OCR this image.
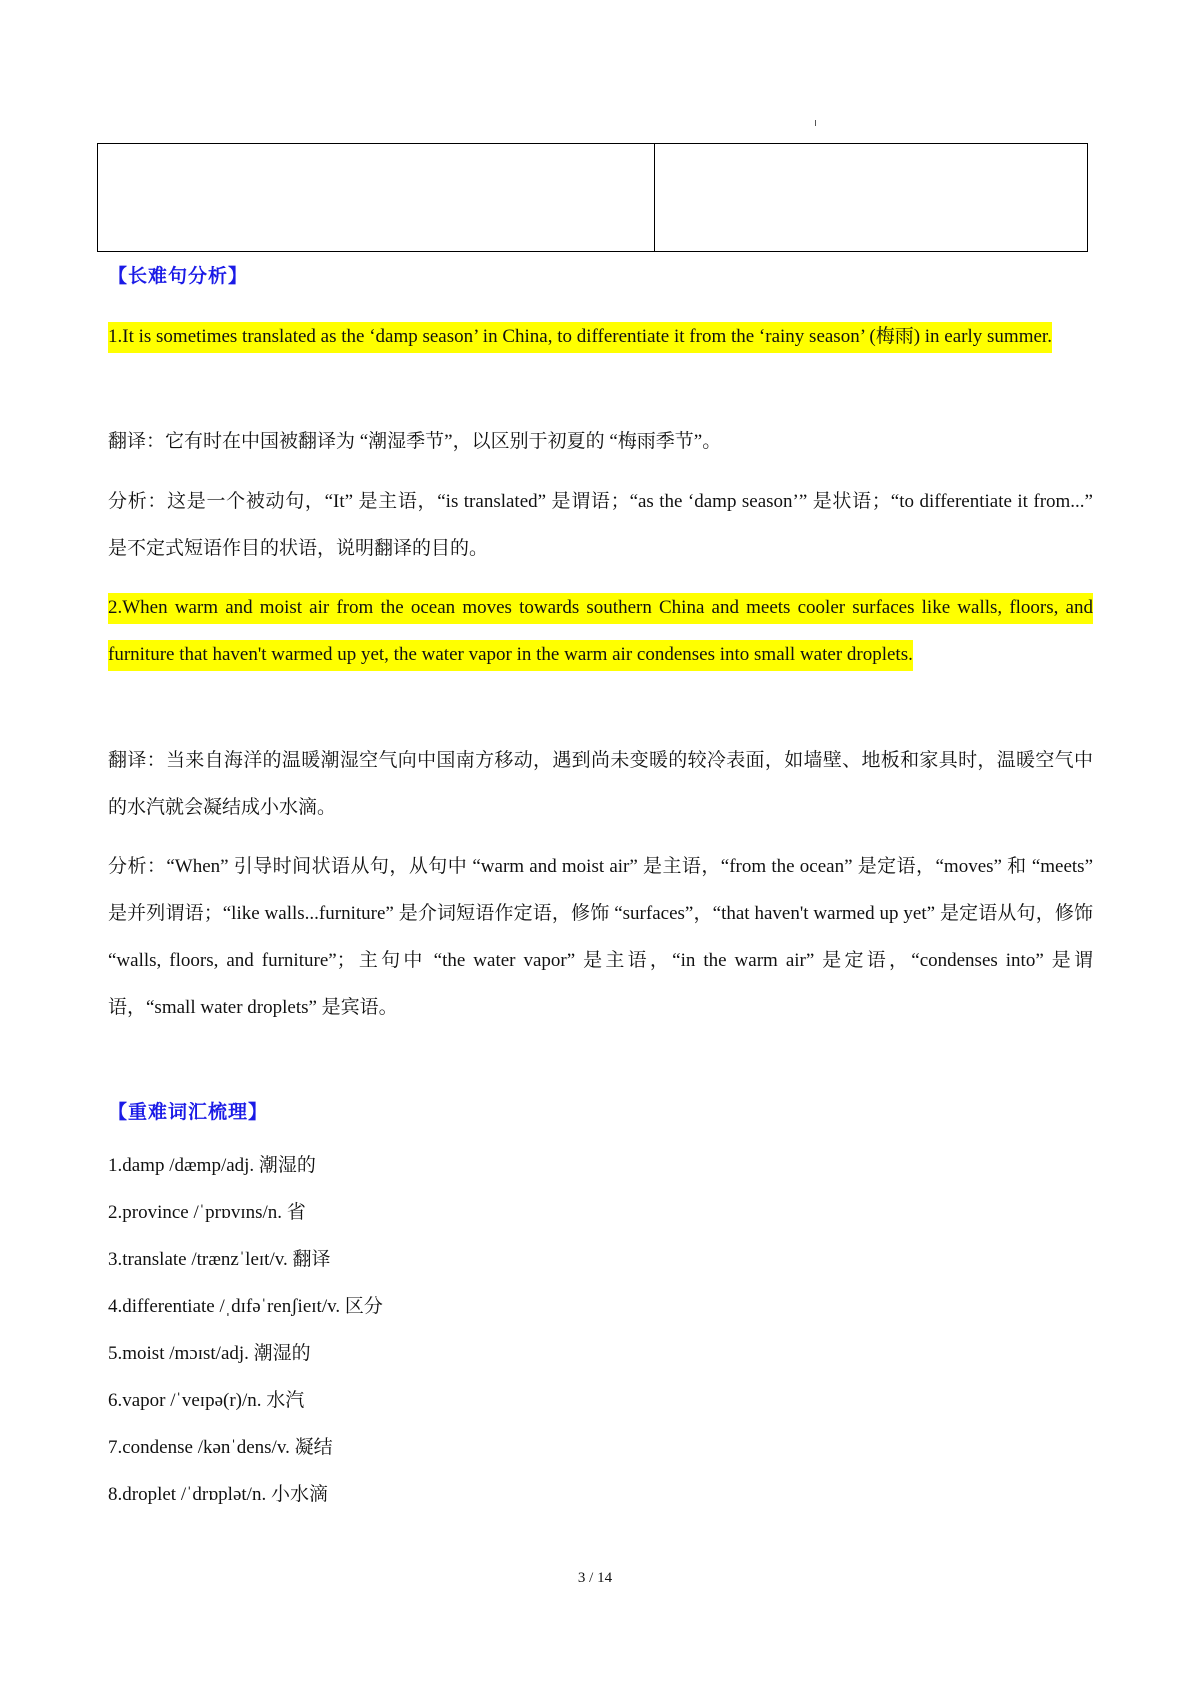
【长难句分析】
1.It is sometimes translated as the ‘damp season’ in China, to differentiate it from the ‘rainy season’ (梅雨) in early summer.
翻译：它有时在中国被翻译为 “潮湿季节”，以区别于初夏的 “梅雨季节”。
分析：这是一个被动句，“It” 是主语，“is translated” 是谓语；“as the ‘damp season’” 是状语；“to differentiate it from...” 是不定式短语作目的状语，说明翻译的目的。
2.When warm and moist air from the ocean moves towards southern China and meets cooler surfaces like walls, floors, and furniture that haven't warmed up yet, the water vapor in the warm air condenses into small water droplets.
翻译：当来自海洋的温暖潮湿空气向中国南方移动，遇到尚未变暖的较冷表面，如墙壁、地板和家具时，温暖空气中的水汽就会凝结成小水滴。
分析：“When” 引导时间状语从句，从句中 “warm and moist air” 是主语，“from the ocean” 是定语，“moves” 和 “meets” 是并列谓语；“like walls...furniture” 是介词短语作定语，修饰 “surfaces”，“that haven't warmed up yet” 是定语从句，修饰 “walls, floors, and furniture”；主句中 “the water vapor” 是主语，“in the warm air” 是定语，“condenses into” 是谓语，“small water droplets” 是宾语。
【重难词汇梳理】
1.damp /dæmp/adj. 潮湿的
2.province /ˈprɒvɪns/n. 省
3.translate /trænzˈleɪt/v. 翻译
4.differentiate /ˌdɪfəˈrenʃieɪt/v. 区分
5.moist /mɔɪst/adj. 潮湿的
6.vapor /ˈveɪpə(r)/n. 水汽
7.condense /kənˈdens/v. 凝结
8.droplet /ˈdrɒplət/n. 小水滴
3 / 14
